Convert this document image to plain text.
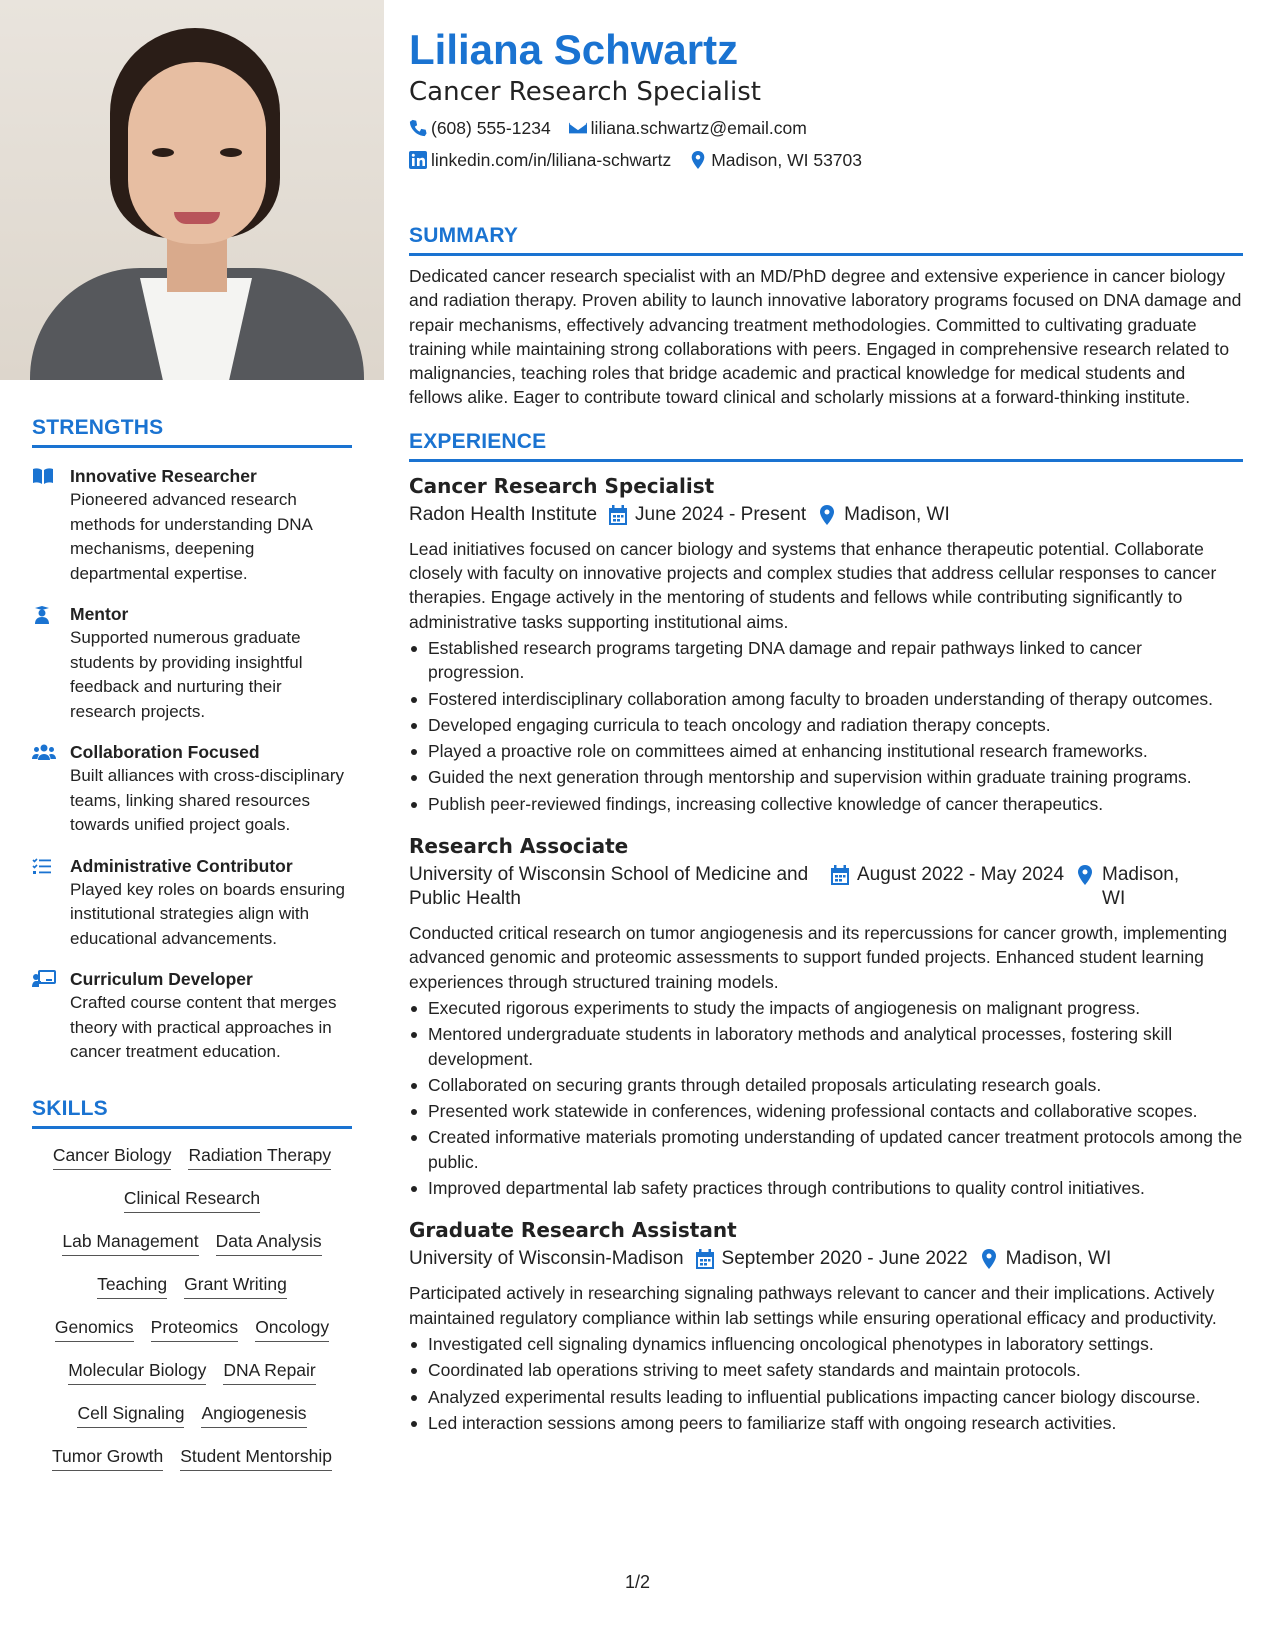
STRENGTHS
Innovative Researcher
Pioneered advanced research methods for understanding DNA mechanisms, deepening departmental expertise.
Mentor
Supported numerous graduate students by providing insightful feedback and nurturing their research projects.
Collaboration Focused
Built alliances with cross-disciplinary teams, linking shared resources towards unified project goals.
Administrative Contributor
Played key roles on boards ensuring institutional strategies align with educational advancements.
Curriculum Developer
Crafted course content that merges theory with practical approaches in cancer treatment education.
SKILLS
Cancer Biology Radiation Therapy
Clinical Research
Lab Management Data Analysis
Teaching Grant Writing
Genomics Proteomics Oncology
Molecular Biology DNA Repair
Cell Signaling Angiogenesis
Tumor Growth Student Mentorship
Liliana Schwartz
Cancer Research Specialist
(608) 555-1234 liliana.schwartz@email.com
linkedin.com/in/liliana-schwartz Madison, WI 53703
SUMMARY

Dedicated cancer research specialist with an MD/PhD degree and extensive experience in cancer biology and radiation therapy. Proven ability to launch innovative laboratory programs focused on DNA damage and repair mechanisms, effectively advancing treatment methodologies. Committed to cultivating graduate training while maintaining strong collaborations with peers. Engaged in comprehensive research related to malignancies, teaching roles that bridge academic and practical knowledge for medical students and fellows alike. Eager to contribute toward clinical and scholarly missions at a forward-thinking institute.

EXPERIENCE
Cancer Research Specialist
Radon Health Institute June 2024 - Present Madison, WI

Lead initiatives focused on cancer biology and systems that enhance therapeutic potential. Collaborate closely with faculty on innovative projects and complex studies that address cellular responses to cancer therapies. Engage actively in the mentoring of students and fellows while contributing significantly to administrative tasks supporting institutional aims.

Established research programs targeting DNA damage and repair pathways linked to cancer progression.
Fostered interdisciplinary collaboration among faculty to broaden understanding of therapy outcomes.
Developed engaging curricula to teach oncology and radiation therapy concepts.
Played a proactive role on committees aimed at enhancing institutional research frameworks.
Guided the next generation through mentorship and supervision within graduate training programs.
Publish peer-reviewed findings, increasing collective knowledge of cancer therapeutics.
Research Associate
University of Wisconsin School of Medicine and Public Health
August 2022 - May 2024 Madison, WI

Conducted critical research on tumor angiogenesis and its repercussions for cancer growth, implementing advanced genomic and proteomic assessments to support funded projects. Enhanced student learning experiences through structured training models.

Executed rigorous experiments to study the impacts of angiogenesis on malignant progress.
Mentored undergraduate students in laboratory methods and analytical processes, fostering skill development.
Collaborated on securing grants through detailed proposals articulating research goals.
Presented work statewide in conferences, widening professional contacts and collaborative scopes.
Created informative materials promoting understanding of updated cancer treatment protocols among the public.
Improved departmental lab safety practices through contributions to quality control initiatives.
Graduate Research Assistant
University of Wisconsin-Madison September 2020 - June 2022 Madison, WI

Participated actively in researching signaling pathways relevant to cancer and their implications. Actively maintained regulatory compliance within lab settings while ensuring operational efficacy and productivity.

Investigated cell signaling dynamics influencing oncological phenotypes in laboratory settings.
Coordinated lab operations striving to meet safety standards and maintain protocols.
Analyzed experimental results leading to influential publications impacting cancer biology discourse.
Led interaction sessions among peers to familiarize staff with ongoing research activities.
1/2
